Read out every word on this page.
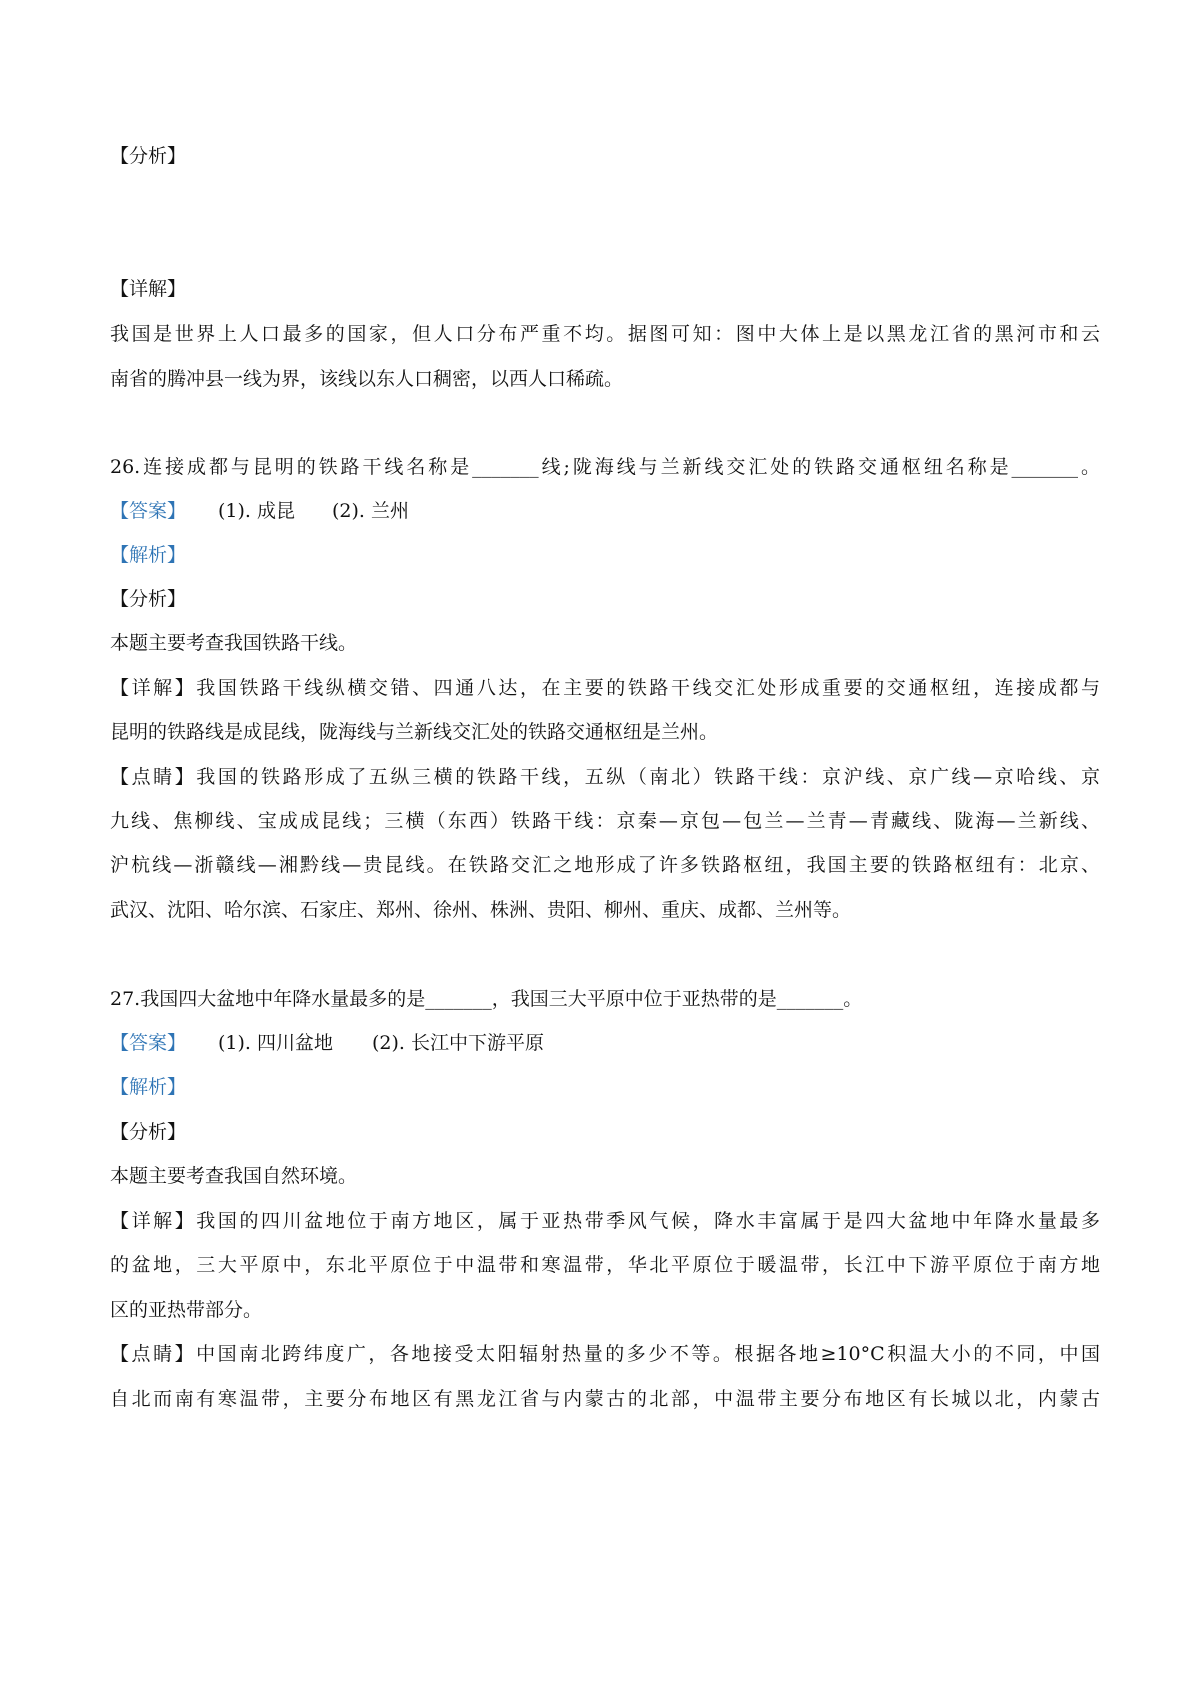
【分析】
【详解】
我国是世界上人口最多的国家，但人口分布严重不均。据图可知：图中大体上是以黑龙江省的黑河市和云
南省的腾冲县一线为界，该线以东人口稠密，以西人口稀疏。
26.连接成都与昆明的铁路干线名称是_______线;陇海线与兰新线交汇处的铁路交通枢纽名称是_______。
【答案】 (1). 成昆 (2). 兰州
【解析】
【分析】
本题主要考查我国铁路干线。
【详解】我国铁路干线纵横交错、四通八达，在主要的铁路干线交汇处形成重要的交通枢纽，连接成都与
昆明的铁路线是成昆线，陇海线与兰新线交汇处的铁路交通枢纽是兰州。
【点睛】我国的铁路形成了五纵三横的铁路干线，五纵（南北）铁路干线：京沪线、京广线—京哈线、京
九线、焦柳线、宝成成昆线；三横（东西）铁路干线：京秦—京包—包兰—兰青—青藏线、陇海—兰新线、
沪杭线—浙赣线—湘黔线—贵昆线。在铁路交汇之地形成了许多铁路枢纽，我国主要的铁路枢纽有：北京、
武汉、沈阳、哈尔滨、石家庄、郑州、徐州、株洲、贵阳、柳州、重庆、成都、兰州等。
27.我国四大盆地中年降水量最多的是_______，我国三大平原中位于亚热带的是_______。
【答案】 (1). 四川盆地 (2). 长江中下游平原
【解析】
【分析】
本题主要考查我国自然环境。
【详解】我国的四川盆地位于南方地区，属于亚热带季风气候，降水丰富属于是四大盆地中年降水量最多
的盆地，三大平原中，东北平原位于中温带和寒温带，华北平原位于暖温带，长江中下游平原位于南方地
区的亚热带部分。
【点睛】中国南北跨纬度广，各地接受太阳辐射热量的多少不等。根据各地≥10°C积温大小的不同，中国
自北而南有寒温带，主要分布地区有黑龙江省与内蒙古的北部，中温带主要分布地区有长城以北，内蒙古
